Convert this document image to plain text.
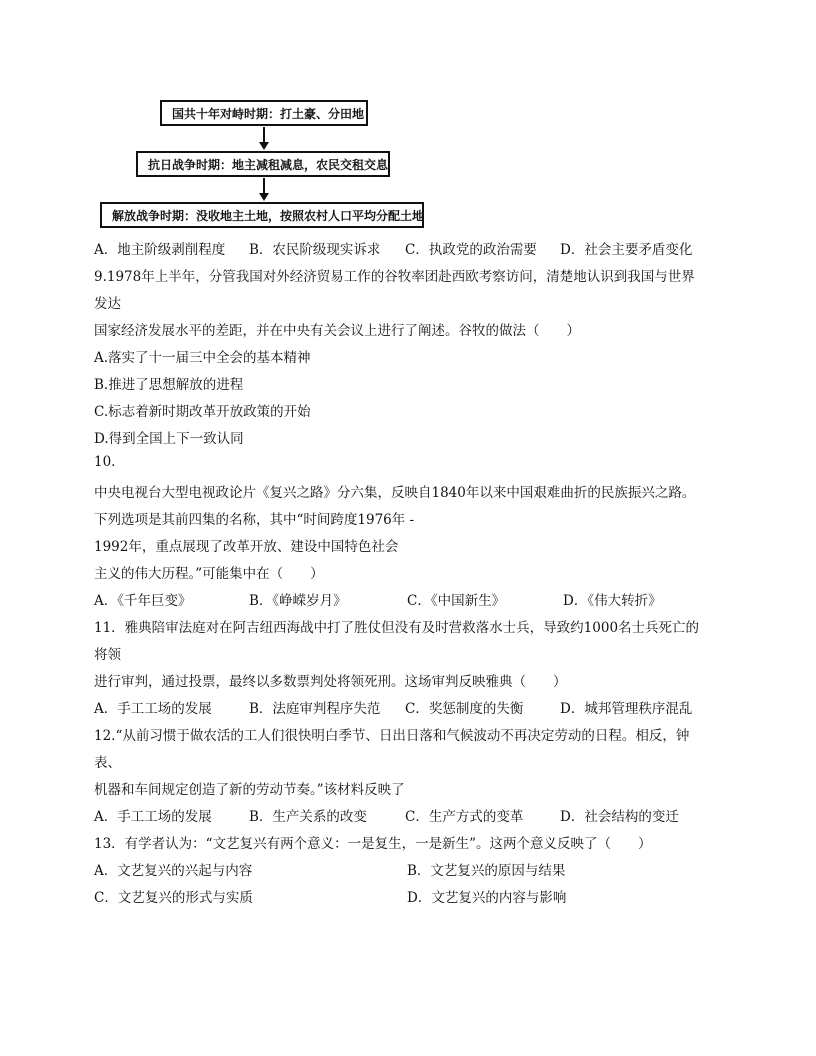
国共十年对峙时期：打土豪、分田地
抗日战争时期：地主减租减息，农民交租交息
解放战争时期：没收地主土地，按照农村人口平均分配土地
A．地主阶级剥削程度 B．农民阶级现实诉求 C．执政党的政治需要 D．社会主要矛盾变化
9.1978年上半年，分管我国对外经济贸易工作的谷牧率团赴西欧考察访问，清楚地认识到我国与世界
发达
国家经济发展水平的差距，并在中央有关会议上进行了阐述。谷牧的做法（　　）
A.落实了十一届三中全会的基本精神
B.推进了思想解放的进程
C.标志着新时期改革开放政策的开始
D.得到全国上下一致认同
10.
中央电视台大型电视政论片《复兴之路》分六集，反映自1840年以来中国艰难曲折的民族振兴之路。
下列选项是其前四集的名称，其中“时间跨度1976年 -
1992年，重点展现了改革开放、建设中国特色社会
主义的伟大历程。”可能集中在（　　）
A．《千年巨变》	B．《峥嵘岁月》	C．《中国新生》	D．《伟大转折》
11．雅典陪审法庭对在阿吉纽西海战中打了胜仗但没有及时营救落水士兵，导致约1000名士兵死亡的
将领
进行审判，通过投票，最终以多数票判处将领死刑。这场审判反映雅典（　　）
A．手工工场的发展	B．法庭审判程序失范 C．奖惩制度的失衡	D．城邦管理秩序混乱
12.“从前习惯于做农活的工人们很快明白季节、日出日落和气候波动不再决定劳动的日程。相反，钟
表、
机器和车间规定创造了新的劳动节奏。”该材料反映了
A．手工工场的发展	B．生产关系的改变	C．生产方式的变革	D．社会结构的变迁
13．有学者认为：“文艺复兴有两个意义：一是复生，一是新生”。这两个意义反映了（　　）
A．文艺复兴的兴起与内容	B．文艺复兴的原因与结果
C．文艺复兴的形式与实质	D．文艺复兴的内容与影响
